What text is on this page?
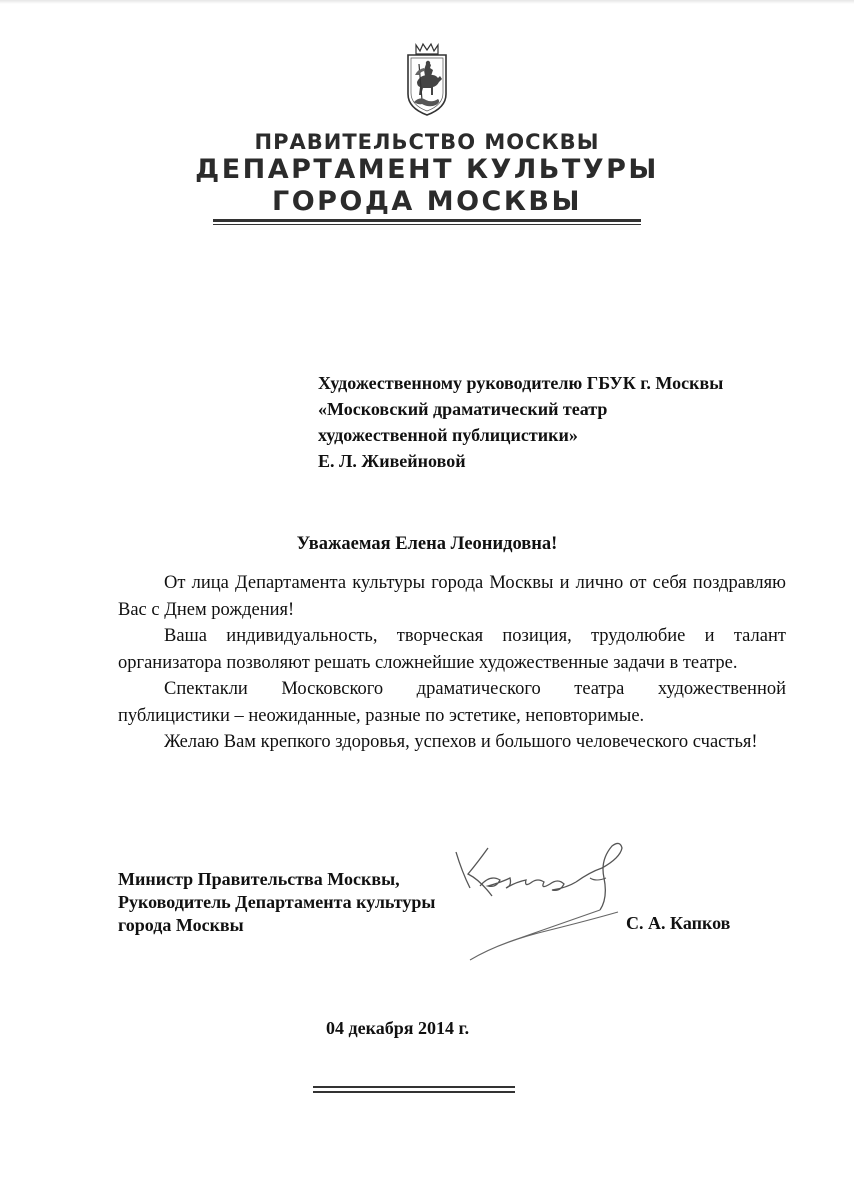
ПРАВИТЕЛЬСТВО МОСКВЫ
ДЕПАРТАМЕНТ КУЛЬТУРЫ
ГОРОДА МОСКВЫ
Художественному руководителю ГБУК г. Москвы
«Московский драматический театр
художественной публицистики»
Е. Л. Живейновой
Уважаемая Елена Леонидовна!

От лица Департамента культуры города Москвы и лично от себя поздравляю Вас с Днем рождения!

Ваша индивидуальность, творческая позиция, трудолюбие и талант организатора позволяют решать сложнейшие художественные задачи в театре.

Спектакли Московского драматического театра художественной публицистики – неожиданные, разные по эстетике, неповторимые.

Желаю Вам крепкого здоровья, успехов и большого человеческого счастья!

Министр Правительства Москвы,
Руководитель Департамента культуры
города Москвы	С. А. Капков
04 декабря 2014 г.
